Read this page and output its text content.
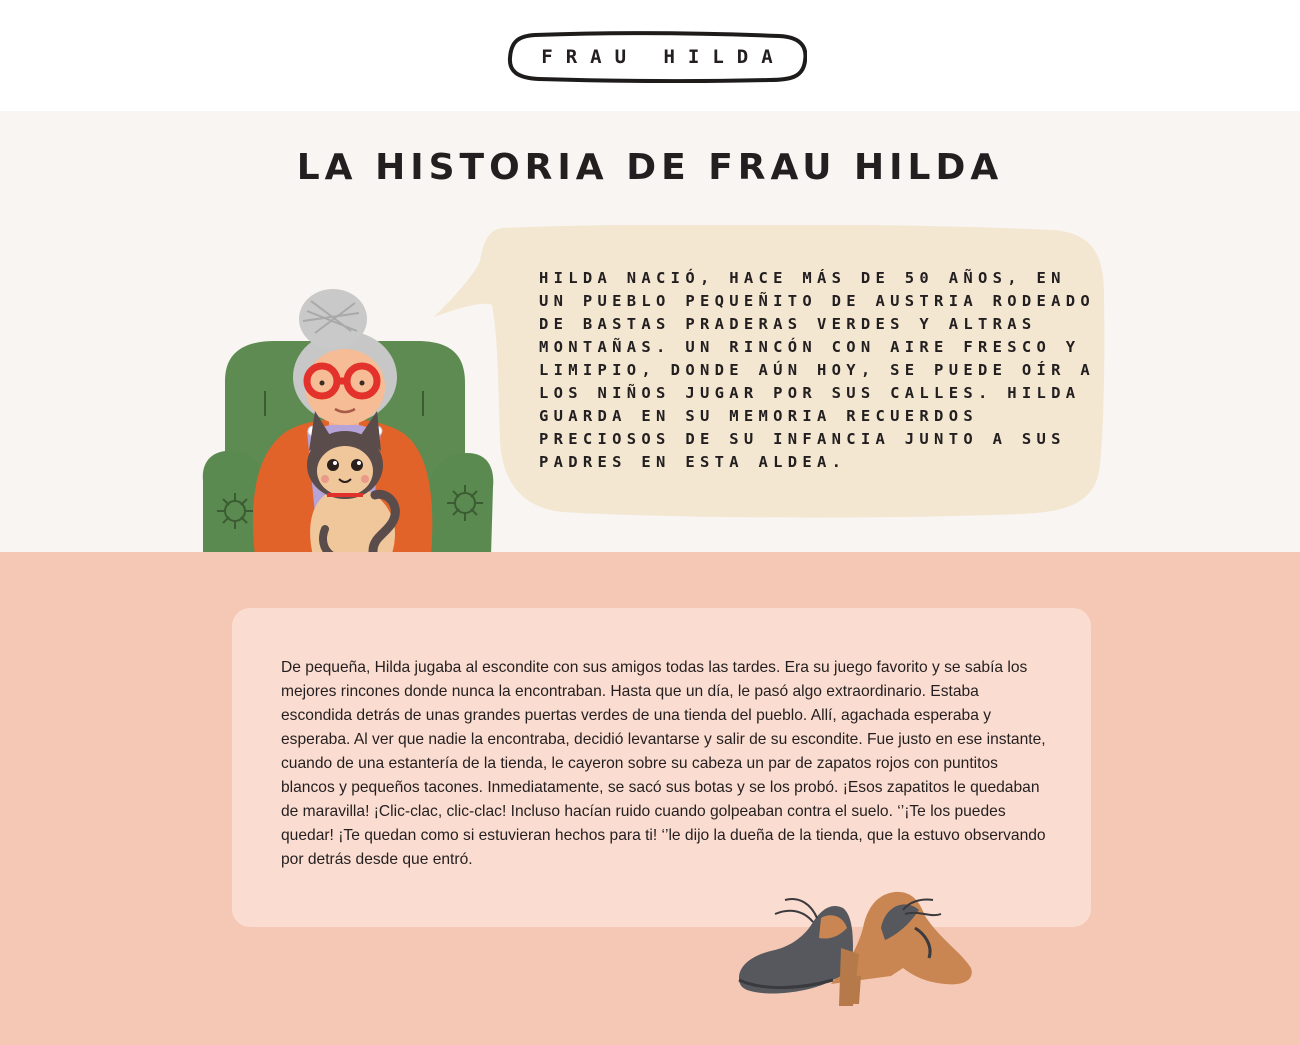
FRAU HILDA
LA HISTORIA DE FRAU HILDA

HILDA NACIÓ, HACE MÁS DE 50 AÑOS, EN UN PUEBLO PEQUEÑITO DE AUSTRIA RODEADO DE BASTAS PRADERAS VERDES Y ALTRAS MONTAÑAS. UN RINCÓN CON AIRE FRESCO Y LIMIPIO, DONDE AÚN HOY, SE PUEDE OÍR A LOS NIÑOS JUGAR POR SUS CALLES. HILDA GUARDA EN SU MEMORIA RECUERDOS PRECIOSOS DE SU INFANCIA JUNTO A SUS PADRES EN ESTA ALDEA.

De pequeña, Hilda jugaba al escondite con sus amigos todas las tardes. Era su juego favorito y se sabía los mejores rincones donde nunca la encontraban. Hasta que un día, le pasó algo extraordinario. Estaba escondida detrás de unas grandes puertas verdes de una tienda del pueblo. Allí, agachada esperaba y esperaba. Al ver que nadie la encontraba, decidió levantarse y salir de su escondite. Fue justo en ese instante, cuando de una estantería de la tienda, le cayeron sobre su cabeza un par de zapatos rojos con puntitos blancos y pequeños tacones. Inmediatamente, se sacó sus botas y se los probó. ¡Esos zapatitos le quedaban de maravilla! ¡Clic-clac, clic-clac! Incluso hacían ruido cuando golpeaban contra el suelo. ‘’¡Te los puedes quedar! ¡Te quedan como si estuvieran hechos para ti! ‘’le dijo la dueña de la tienda, que la estuvo observando por detrás desde que entró.
